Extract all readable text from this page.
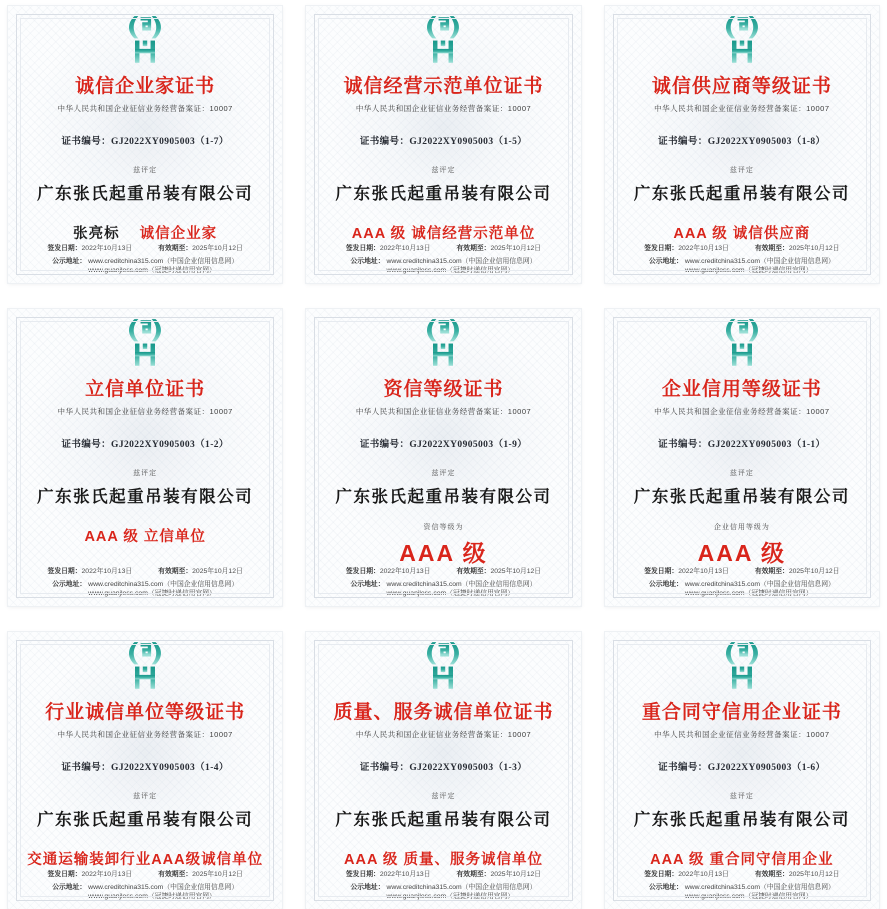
诚信企业家证书

中华人民共和国企业征信业务经营备案证：10007

证书编号：GJ2022XY0905003（1-7）

兹评定

广东张氏起重吊装有限公司

张亮标 诚信企业家

签发日期：2022年10月13日	有效期至：2025年10月12日

公示地址： www.creditchina315.com（中国企业信用信息网）
www.guanjless.com（冠捷时递信用官网）

诚信经营示范单位证书

中华人民共和国企业征信业务经营备案证：10007

证书编号：GJ2022XY0905003（1-5）

兹评定

广东张氏起重吊装有限公司

AAA 级 诚信经营示范单位

签发日期：2022年10月13日	有效期至：2025年10月12日

公示地址： www.creditchina315.com（中国企业信用信息网）
www.guanjless.com（冠捷时递信用官网）

诚信供应商等级证书

中华人民共和国企业征信业务经营备案证：10007

证书编号：GJ2022XY0905003（1-8）

兹评定

广东张氏起重吊装有限公司

AAA 级 诚信供应商

签发日期：2022年10月13日	有效期至：2025年10月12日

公示地址： www.creditchina315.com（中国企业信用信息网）
www.guanjless.com（冠捷时递信用官网）

立信单位证书

中华人民共和国企业征信业务经营备案证：10007

证书编号：GJ2022XY0905003（1-2）

兹评定

广东张氏起重吊装有限公司

AAA 级 立信单位

签发日期：2022年10月13日	有效期至：2025年10月12日

公示地址： www.creditchina315.com（中国企业信用信息网）
www.guanjless.com（冠捷时递信用官网）

资信等级证书

中华人民共和国企业征信业务经营备案证：10007

证书编号：GJ2022XY0905003（1-9）

兹评定

广东张氏起重吊装有限公司

资信等级为

AAA 级

签发日期：2022年10月13日	有效期至：2025年10月12日

公示地址： www.creditchina315.com（中国企业信用信息网）
www.guanjless.com（冠捷时递信用官网）

企业信用等级证书

中华人民共和国企业征信业务经营备案证：10007

证书编号：GJ2022XY0905003（1-1）

兹评定

广东张氏起重吊装有限公司

企业信用等级为

AAA 级

签发日期：2022年10月13日	有效期至：2025年10月12日

公示地址： www.creditchina315.com（中国企业信用信息网）
www.guanjless.com（冠捷时递信用官网）

行业诚信单位等级证书

中华人民共和国企业征信业务经营备案证：10007

证书编号：GJ2022XY0905003（1-4）

兹评定

广东张氏起重吊装有限公司

交通运输装卸行业AAA级诚信单位

签发日期：2022年10月13日	有效期至：2025年10月12日

公示地址： www.creditchina315.com（中国企业信用信息网）
www.guanjless.com（冠捷时递信用官网）

质量、服务诚信单位证书

中华人民共和国企业征信业务经营备案证：10007

证书编号：GJ2022XY0905003（1-3）

兹评定

广东张氏起重吊装有限公司

AAA 级 质量、服务诚信单位

签发日期：2022年10月13日	有效期至：2025年10月12日

公示地址： www.creditchina315.com（中国企业信用信息网）
www.guanjless.com（冠捷时递信用官网）

重合同守信用企业证书

中华人民共和国企业征信业务经营备案证：10007

证书编号：GJ2022XY0905003（1-6）

兹评定

广东张氏起重吊装有限公司

AAA 级 重合同守信用企业

签发日期：2022年10月13日	有效期至：2025年10月12日

公示地址： www.creditchina315.com（中国企业信用信息网）
www.guanjless.com（冠捷时递信用官网）
